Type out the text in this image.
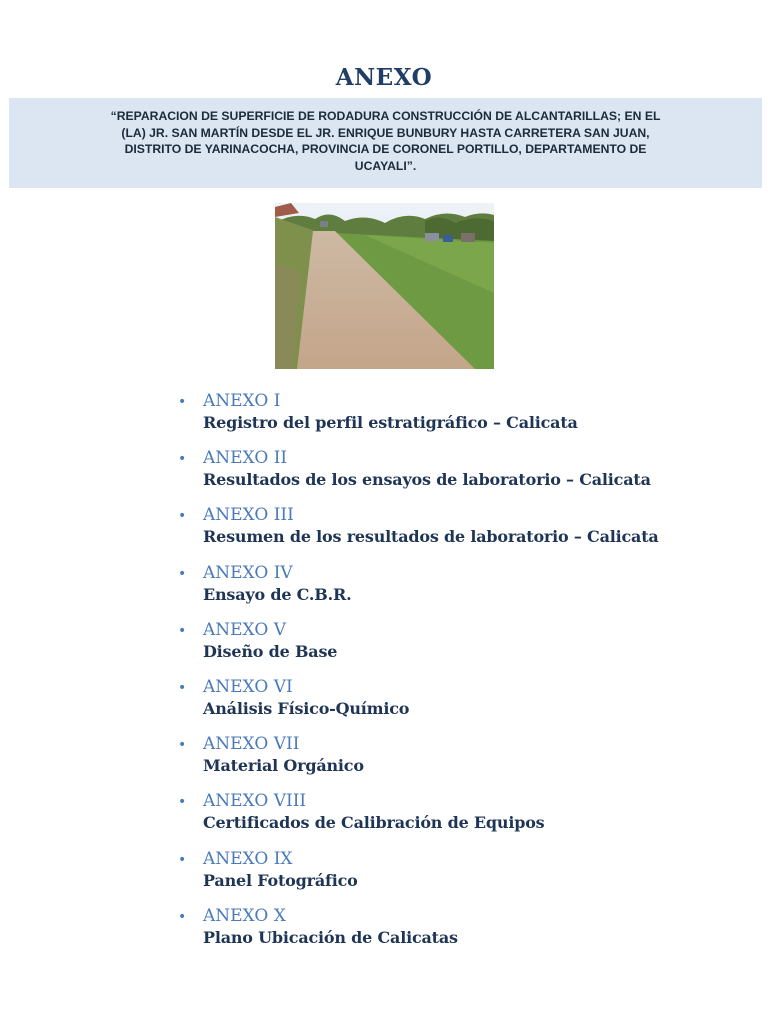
ANEXO
“REPARACION DE SUPERFICIE DE RODADURA CONSTRUCCIÓN DE ALCANTARILLAS; EN EL (LA) JR. SAN MARTÍN DESDE EL JR. ENRIQUE BUNBURY HASTA CARRETERA SAN JUAN, DISTRITO DE YARINACOCHA, PROVINCIA DE CORONEL PORTILLO, DEPARTAMENTO DE UCAYALI”.
• ANEXO I
Registro del perfil estratigráfico – Calicata
• ANEXO II
Resultados de los ensayos de laboratorio – Calicata
• ANEXO III
Resumen de los resultados de laboratorio – Calicata
• ANEXO IV
Ensayo de C.B.R.
• ANEXO V
Diseño de Base
• ANEXO VI
Análisis Físico-Químico
• ANEXO VII
Material Orgánico
• ANEXO VIII
Certificados de Calibración de Equipos
• ANEXO IX
Panel Fotográfico
• ANEXO X
Plano Ubicación de Calicatas
